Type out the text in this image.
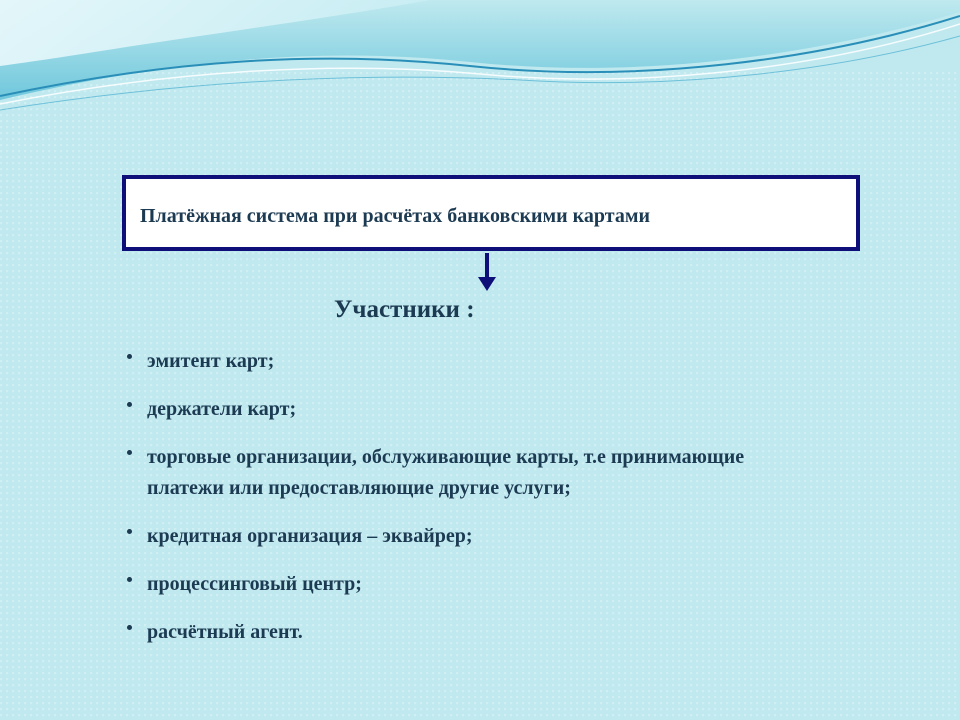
Платёжная система при расчётах банковскими картами
Участники :
эмитент карт;
держатели карт;
торговые организации, обслуживающие карты, т.е принимающие платежи или предоставляющие другие услуги;
кредитная организация – эквайрер;
процессинговый центр;
расчётный агент.
